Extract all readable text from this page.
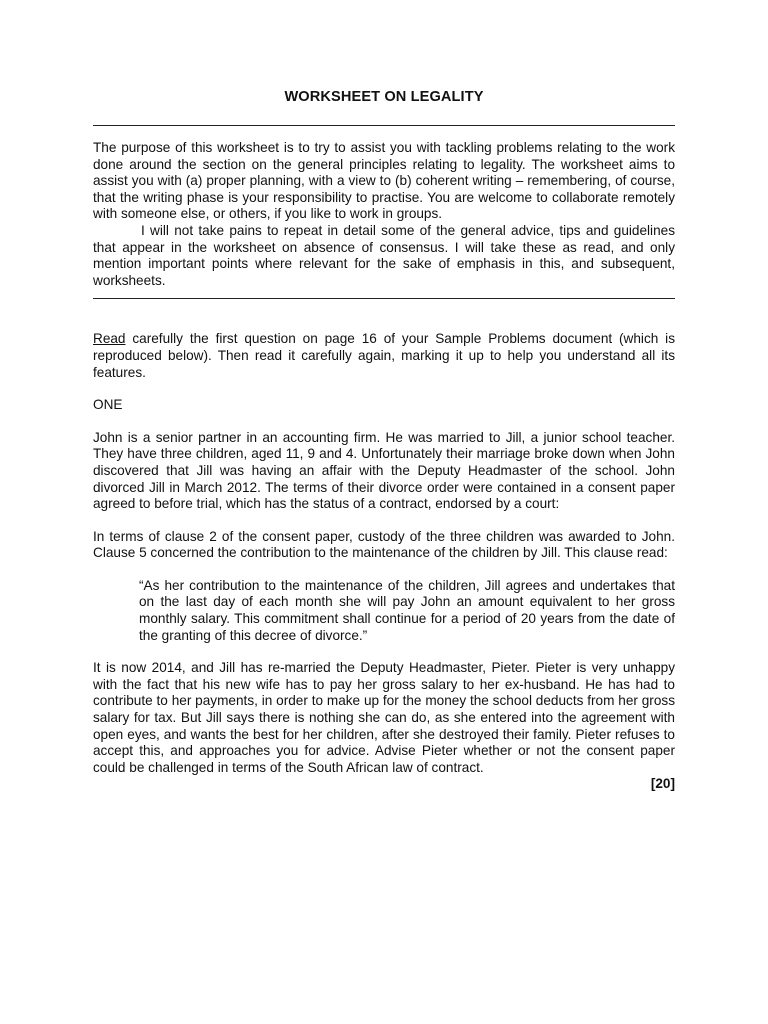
WORKSHEET ON LEGALITY

The purpose of this worksheet is to try to assist you with tackling problems relating to the work done around the section on the general principles relating to legality. The worksheet aims to assist you with (a) proper planning, with a view to (b) coherent writing – remembering, of course, that the writing phase is your responsibility to practise. You are welcome to collaborate remotely with someone else, or others, if you like to work in groups.

I will not take pains to repeat in detail some of the general advice, tips and guidelines that appear in the worksheet on absence of consensus. I will take these as read, and only mention important points where relevant for the sake of emphasis in this, and subsequent, worksheets.

Read carefully the first question on page 16 of your Sample Problems document (which is reproduced below). Then read it carefully again, marking it up to help you understand all its features.

ONE

John is a senior partner in an accounting firm. He was married to Jill, a junior school teacher. They have three children, aged 11, 9 and 4. Unfortunately their marriage broke down when John discovered that Jill was having an affair with the Deputy Headmaster of the school. John divorced Jill in March 2012. The terms of their divorce order were contained in a consent paper agreed to before trial, which has the status of a contract, endorsed by a court:

In terms of clause 2 of the consent paper, custody of the three children was awarded to John. Clause 5 concerned the contribution to the maintenance of the children by Jill. This clause read:

“As her contribution to the maintenance of the children, Jill agrees and undertakes that on the last day of each month she will pay John an amount equivalent to her gross monthly salary. This commitment shall continue for a period of 20 years from the date of the granting of this decree of divorce.”

It is now 2014, and Jill has re-married the Deputy Headmaster, Pieter. Pieter is very unhappy with the fact that his new wife has to pay her gross salary to her ex-husband. He has had to contribute to her payments, in order to make up for the money the school deducts from her gross salary for tax. But Jill says there is nothing she can do, as she entered into the agreement with open eyes, and wants the best for her children, after she destroyed their family. Pieter refuses to accept this, and approaches you for advice. Advise Pieter whether or not the consent paper could be challenged in terms of the South African law of contract.

[20]
